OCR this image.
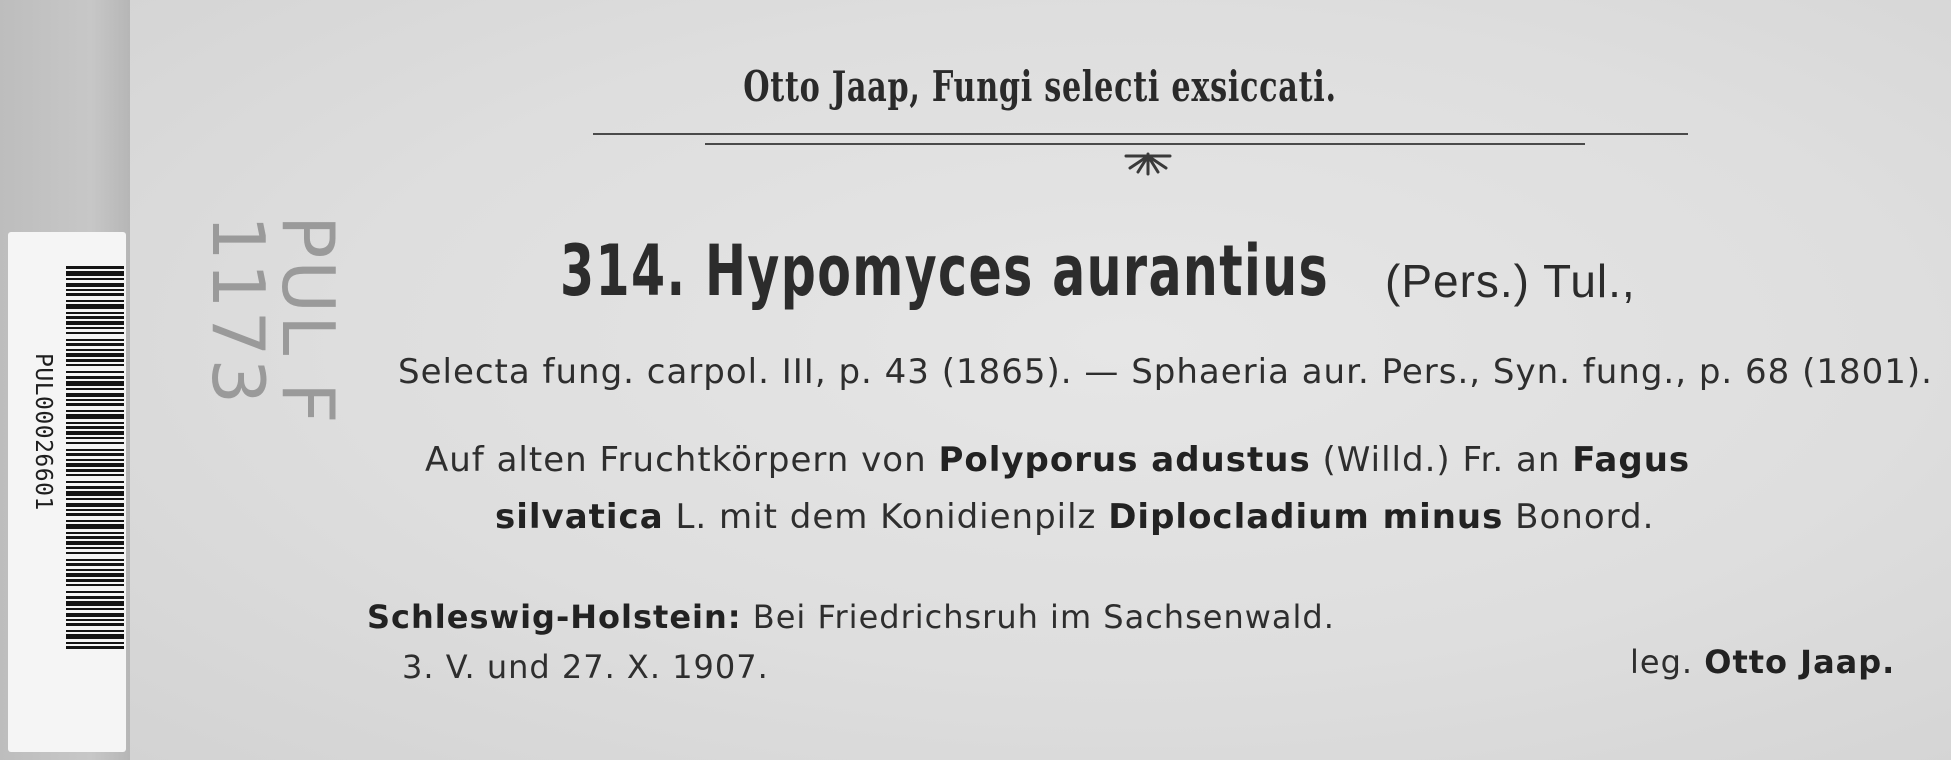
PUL00026601
PUL F 1173
Otto Jaap, Fungi selecti exsiccati.
314. Hypomyces aurantius (Pers.) Tul.,
Selecta fung. carpol. III, p. 43 (1865). — Sphaeria aur. Pers., Syn. fung., p. 68 (1801).
Auf alten Fruchtkörpern von Polyporus adustus (Willd.) Fr. an Fagus
silvatica L. mit dem Konidienpilz Diplocladium minus Bonord.
Schleswig-Holstein: Bei Friedrichsruh im Sachsenwald.
3. V. und 27. X. 1907.	leg. Otto Jaap.
